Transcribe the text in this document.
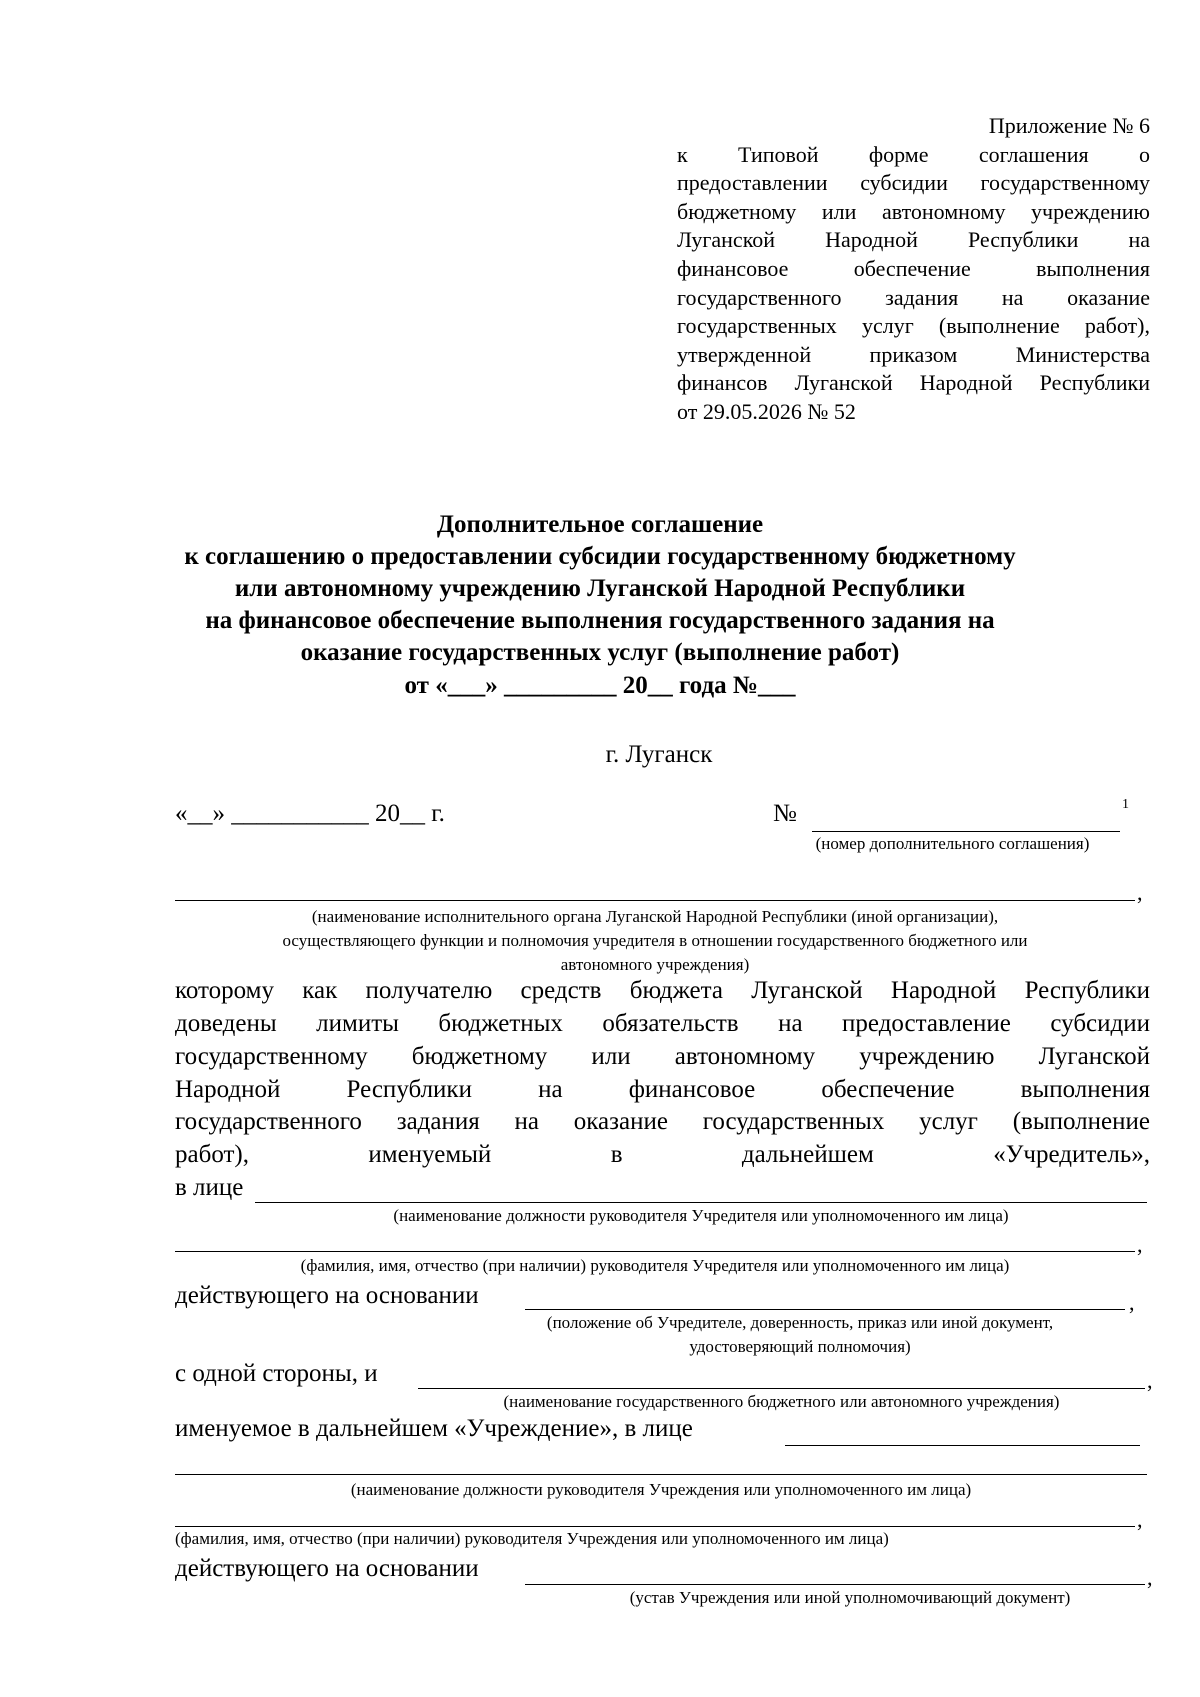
Приложение № 6
к Типовой форме соглашения о
предоставлении субсидии государственному
бюджетному или автономному учреждению
Луганской Народной Республики на
финансовое обеспечение выполнения
государственного задания на оказание
государственных услуг (выполнение работ),
утвержденной приказом Министерства
финансов Луганской Народной Республики
от 29.05.2026 № 52
Дополнительное соглашение
к соглашению о предоставлении субсидии государственному бюджетному
или автономному учреждению Луганской Народной Республики
на финансовое обеспечение выполнения государственного задания на
оказание государственных услуг (выполнение работ)
от «___» _________ 20__ года №___
г. Луганск
«__» ___________ 20__ г.	№	1
(номер дополнительного соглашения)
,
(наименование исполнительного органа Луганской Народной Республики (иной организации),
осуществляющего функции и полномочия учредителя в отношении государственного бюджетного или
автономного учреждения)
которому как получателю средств бюджета Луганской Народной Республики
доведены лимиты бюджетных обязательств на предоставление субсидии
государственному бюджетному или автономному учреждению Луганской
Народной Республики на финансовое обеспечение выполнения
государственного задания на оказание государственных услуг (выполнение
работ), именуемый в дальнейшем «Учредитель»,
в лице
(наименование должности руководителя Учредителя или уполномоченного им лица)
,
(фамилия, имя, отчество (при наличии) руководителя Учредителя или уполномоченного им лица)
действующего на основании	,
(положение об Учредителе, доверенность, приказ или иной документ,
удостоверяющий полномочия)
с одной стороны, и	,
(наименование государственного бюджетного или автономного учреждения)
именуемое в дальнейшем «Учреждение», в лице
(наименование должности руководителя Учреждения или уполномоченного им лица)
,
(фамилия, имя, отчество (при наличии) руководителя Учреждения или уполномоченного им лица)
действующего на основании	,
(устав Учреждения или иной уполномочивающий документ)
